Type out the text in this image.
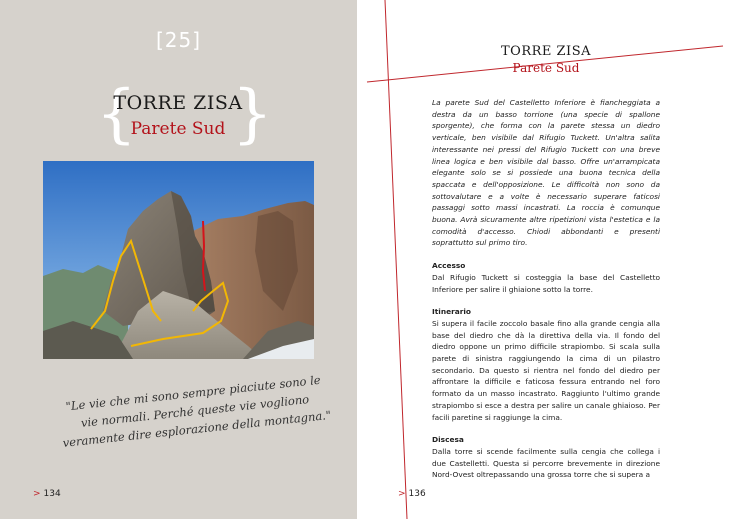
[25]
{ }
TORRE ZISA
Parete Sud
"Le vie che mi sono sempre piaciute sono le vie normali. Perché queste vie vogliono veramente dire esplorazione della montagna."
> 134
TORRE ZISA
Parete Sud

La parete Sud del Castelletto Inferiore è fiancheggiata a destra da un basso torrione (una specie di spallone sporgente), che forma con la parete stessa un diedro verticale, ben visibile dal Rifugio Tuckett. Un'altra salita interessante nei pressi del Rifugio Tuckett con una breve linea logica e ben visibile dal basso. Offre un'arrampicata elegante solo se si possiede una buona tecnica della spaccata e dell'opposizione. Le difficoltà non sono da sottovalutare e a volte è necessario superare faticosi passaggi sotto massi incastrati. La roccia è comunque buona. Avrà sicuramente altre ripetizioni vista l'estetica e la comodità d'accesso. Chiodi abbondanti e presenti soprattutto sul primo tiro.

Accesso

Dal Rifugio Tuckett si costeggia la base del Castelletto Inferiore per salire il ghiaione sotto la torre.

Itinerario

Si supera il facile zoccolo basale fino alla grande cengia alla base del diedro che dà la direttiva della via. Il fondo del diedro oppone un primo difficile strapiombo. Si scala sulla parete di sinistra raggiungendo la cima di un pilastro secondario. Da questo si rientra nel fondo del diedro per affrontare la difficile e faticosa fessura entrando nel foro formato da un masso incastrato. Raggiunto l'ultimo grande strapiombo si esce a destra per salire un canale ghiaioso. Per facili paretine si raggiunge la cima.

Discesa

Dalla torre si scende facilmente sulla cengia che collega i due Castelletti. Questa si percorre brevemente in direzione Nord-Ovest oltrepassando una grossa torre che si supera a

> 136
